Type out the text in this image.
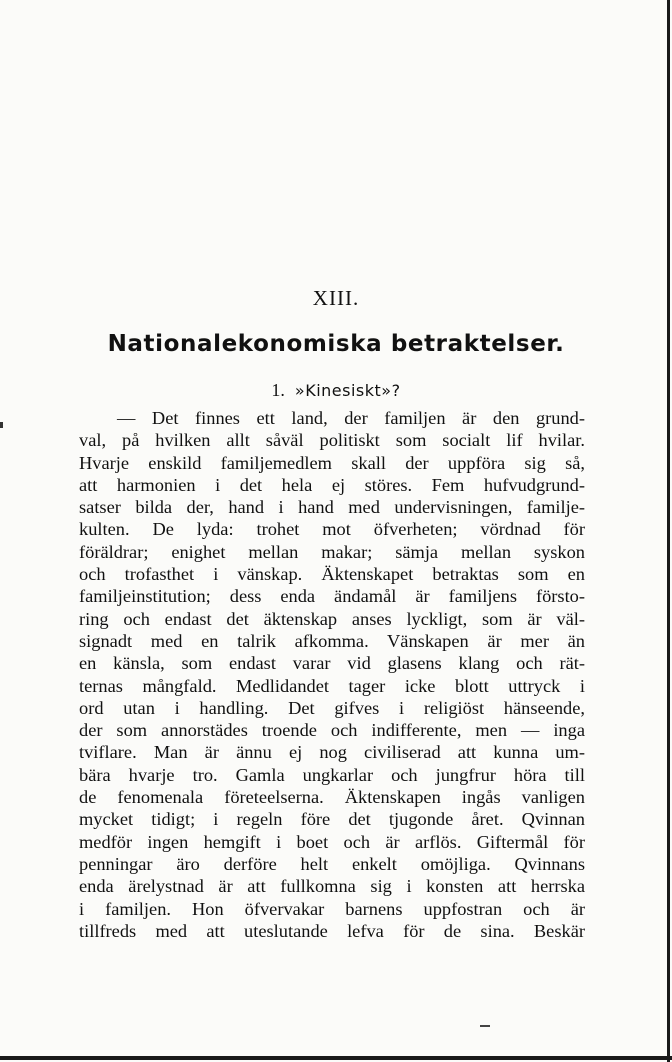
XIII.
Nationalekonomiska betraktelser.
1. »Kinesiskt»?
— Det finnes ett land, der familjen är den grund-
val, på hvilken allt såväl politiskt som socialt lif hvilar.
Hvarje enskild familjemedlem skall der uppföra sig så,
att harmonien i det hela ej störes. Fem hufvudgrund-
satser bilda der, hand i hand med undervisningen, familje-
kulten. De lyda: trohet mot öfverheten; vördnad för
föräldrar; enighet mellan makar; sämja mellan syskon
och trofasthet i vänskap. Äktenskapet betraktas som en
familjeinstitution; dess enda ändamål är familjens förstо-
ring och endast det äktenskap anses lyckligt, som är väl-
signadt med en talrik afkomma. Vänskapen är mer än
en känsla, som endast varar vid glasens klang och rät-
ternas mångfald. Medlidandet tager icke blott uttryck i
ord utan i handling. Det gifves i religiöst hänseende,
der som annorstädes troende och indifferente, men — inga
tviflare. Man är ännu ej nog civiliserad att kunna um-
bära hvarje tro. Gamla ungkarlar och jungfrur höra till
de fenomenala företeelserna. Äktenskapen ingås vanligen
mycket tidigt; i regeln före det tjugonde året. Qvinnan
medför ingen hemgift i boet och är arflös. Giftermål för
penningar äro derföre helt enkelt omöjliga. Qvinnans
enda ärelystnad är att fullkomna sig i konsten att herrska
i familjen. Hon öfvervakar barnens uppfostran och är
tillfreds med att uteslutande lefva för de sina. Beskär
